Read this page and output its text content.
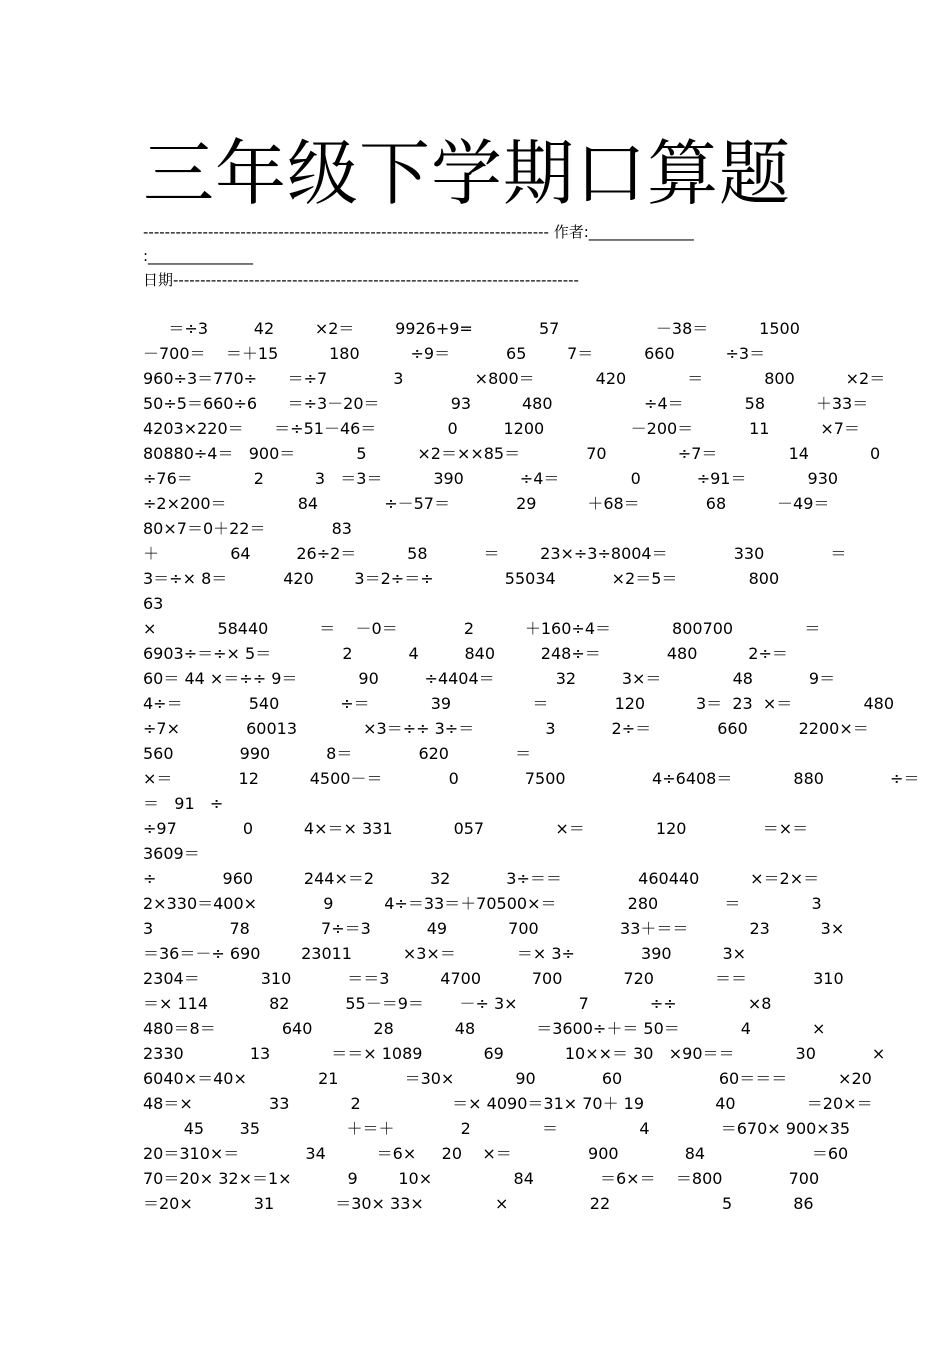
三年级下学期口算题
--------------------------------------------------------------------------- 作者:______________
:______________
日期---------------------------------------------------------------------------
＝÷3         42        ×2＝        9926+9=             57                   －38＝          1500
－700＝    ＝＋15          180          ÷9＝           65        7＝          660          ÷3＝
960÷3＝770÷      ＝÷7             3              ×800＝            420            ＝            800          ×2＝
50÷5＝660÷6      ＝÷3－20＝              93          480                  ÷4＝            58          ＋33＝
4203×220＝      ＝÷51－46＝              0         1200                 －200＝           11          ×7＝
80880÷4＝   900＝            5          ×2＝××85＝             70              ÷7＝              14            0
÷76＝            2          3   ＝3＝          390           ÷4＝              0           ÷91＝            930
÷2×200＝              84             ÷－57＝             29          ＋68＝             68          －49＝
80×7＝0＋22＝             83
＋              64         26÷2＝          58           ＝        23×÷3÷8004＝             330             ＝
3＝÷× 8＝           420        3＝2÷＝÷              55034           ×2＝5＝              800
63
×            58440          ＝    －0＝             2          ＋160÷4＝            800700              ＝
6903÷＝÷× 5＝              2           4         840         248÷＝             480          2÷＝
60＝ 44 ×＝÷÷ 9＝            90         ÷4404＝            32         3×＝              48           9＝
4÷＝             540            ÷＝            39                ＝             120          3＝  23  ×＝              480
÷7×             60013             ×3＝÷÷ 3÷＝              3           2÷＝             660          2200×＝
560             990           8＝             620             ＝
×＝             12          4500－＝             0             7500                 4÷6408＝            880             ÷＝
＝   91   ÷
÷97             0          4×＝× 331            057              ×＝              120               ＝×＝
3609＝
÷             960          244×＝2           32           3÷＝＝               460440          ×＝2×＝
2×330＝400×             9          4÷＝33＝＋70500×＝              280             ＝              3
3               78              7÷＝3           49            700                33＋＝＝            23          3×
＝36＝－÷ 690        23011          ×3×＝            ＝× 3÷             390          3×
2304＝            310           ＝＝3          4700          700            720            ＝＝             310
＝× 114            82           55－＝9＝       －÷ 3×            7            ÷÷              ×8
480＝8＝             640            28            48            ＝3600÷＋＝ 50＝            4            ×
2330             13            ＝＝× 1089            69            10××＝ 30   ×90＝＝            30           ×
6040×＝40×              21             ＝30×            90             60                   60＝＝＝          ×20
48＝×               33            2                  ＝× 4090＝31× 70＋ 19              40              ＝20×＝
45       35                 ＋＝＋             2              ＝                4              ＝670× 900×35
20＝310×＝             34          ＝6×     20    ×＝               900             84                     ＝60
70＝20× 32×＝1×           9        10×                84             ＝6×＝    ＝800             700
＝20×            31            ＝30× 33×              ×                22                      5            86
